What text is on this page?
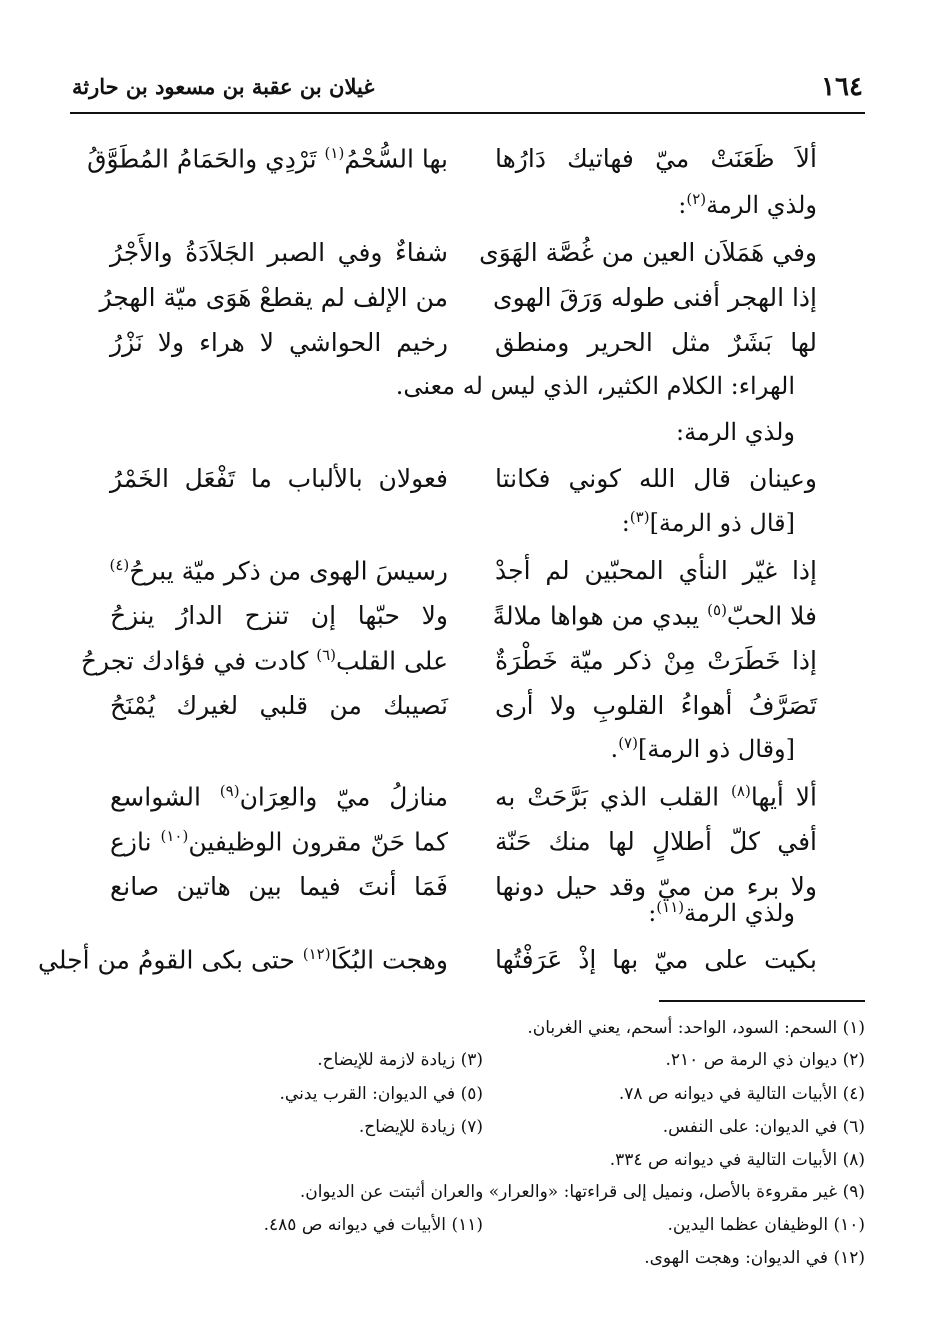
١٦٤
غيلان بن عقبة بن مسعود بن حارثة
ألاَ ظَعَنَتْ ميّ فهاتيك دَارُها
بها السُّحْمُ$^{(١)}$ تَرْدِي والحَمَامُ المُطَوَّقُ
ولذي الرمة$^{(٢)}$:
وفي هَمَلاَن العين من غُصَّة الهَوَى
شفاءٌ وفي الصبر الجَلاَدَةُ والأَجْرُ
إذا الهجر أفنى طوله وَرَقَ الهوى
من الإلف لم يقطعْ هَوَى ميّة الهجرُ
لها بَشَرٌ مثل الحرير ومنطق
رخيم الحواشي لا هراء ولا نَزْرُ
الهراء: الكلام الكثير، الذي ليس له معنى.
ولذي الرمة:
وعينان قال الله كوني فكانتا
فعولان بالألباب ما تَفْعَل الخَمْرُ
[قال ذو الرمة]$^{(٣)}$:
إذا غيّر النأي المحبّين لم أجدْ
رسيسَ الهوى من ذكر ميّة يبرحُ$^{(٤)}$
فلا الحبّ$^{(٥)}$ يبدي من هواها ملالةً
ولا حبّها إن تنزح الدارُ ينزحُ
إذا خَطَرَتْ مِنْ ذكر ميّة خَطْرَةٌ
على القلب$^{(٦)}$ كادت في فؤادك تجرحُ
تَصَرَّفُ أهواءُ القلوبِ ولا أرى
نَصيبك من قلبي لغيرك يُمْنَحُ
[وقال ذو الرمة]$^{(٧)}$.
ألا أيها$^{(٨)}$ القلب الذي بَرَّحَتْ به
منازلُ ميّ والعِرَان$^{(٩)}$ الشواسع
أفي كلّ أطلالٍ لها منك حَنّة
كما حَنّ مقرون الوظيفين$^{(١٠)}$ نازع
ولا برء من ميّ وقد حيل دونها
فَمَا أنتَ فيما بين هاتين صانع
ولذي الرمة$^{(١١)}$:
بكيت على ميّ بها إذْ عَرَفْتُها
وهجت البُكَا$^{(١٢)}$ حتى بكى القومُ من أجلي
(١) السحم: السود، الواحد: أسحم، يعني الغربان.
(٢) ديوان ذي الرمة ص ٢١٠.
(٣) زيادة لازمة للإيضاح.
(٤) الأبيات التالية في ديوانه ص ٧٨.
(٥) في الديوان: القرب يدني.
(٦) في الديوان: على النفس.
(٧) زيادة للإيضاح.
(٨) الأبيات التالية في ديوانه ص ٣٣٤.
(٩) غير مقروءة بالأصل، ونميل إلى قراءتها: «والعرار» والعران أثبتت عن الديوان.
(١٠) الوظيفان عظما اليدين.
(١١) الأبيات في ديوانه ص ٤٨٥.
(١٢) في الديوان: وهجت الهوى.
